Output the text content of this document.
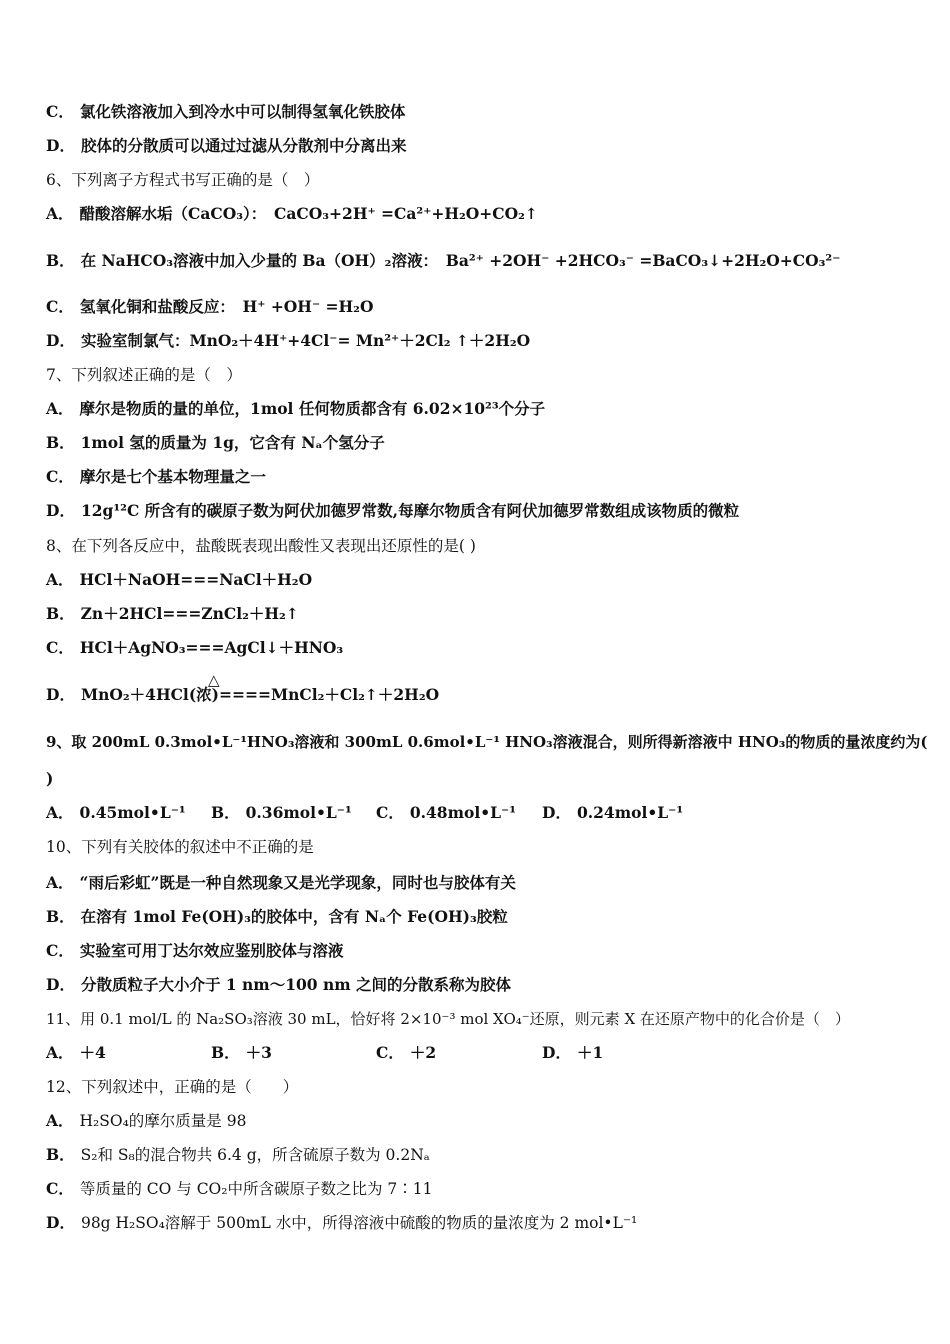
C． 氯化铁溶液加入到冷水中可以制得氢氧化铁胶体
D． 胶体的分散质可以通过过滤从分散剂中分离出来
6、下列离子方程式书写正确的是（　）
A． 醋酸溶解水垢（CaCO₃）：　CaCO₃+2H⁺ =Ca²⁺+H₂O+CO₂↑
B． 在 NaHCO₃溶液中加入少量的 Ba（OH）₂溶液：　Ba²⁺ +2OH⁻ +2HCO₃⁻ =BaCO₃↓+2H₂O+CO₃²⁻
C． 氢氧化铜和盐酸反应：　H⁺ +OH⁻ =H₂O
D． 实验室制氯气：MnO₂＋4H⁺+4Cl⁻= Mn²⁺＋2Cl₂ ↑＋2H₂O
7、下列叙述正确的是（　）
A． 摩尔是物质的量的单位，1mol 任何物质都含有 6.02×10²³个分子
B． 1mol 氢的质量为 1g，它含有 Nₐ个氢分子
C． 摩尔是七个基本物理量之一
D． 12g¹²C 所含有的碳原子数为阿伏加德罗常数,每摩尔物质含有阿伏加德罗常数组成该物质的微粒
8、在下列各反应中，盐酸既表现出酸性又表现出还原性的是( )
A． HCl＋NaOH===NaCl＋H₂O
B． Zn＋2HCl===ZnCl₂＋H₂↑
C． HCl＋AgNO₃===AgCl↓＋HNO₃
△
D． MnO₂＋4HCl(浓)====MnCl₂＋Cl₂↑＋2H₂O
9、取 200mL 0.3mol•L⁻¹HNO₃溶液和 300mL 0.6mol•L⁻¹ HNO₃溶液混合，则所得新溶液中 HNO₃的物质的量浓度约为(
)
A． 0.45mol•L⁻¹ B． 0.36mol•L⁻¹ C． 0.48mol•L⁻¹ D． 0.24mol•L⁻¹
10、下列有关胶体的叙述中不正确的是
A． “雨后彩虹”既是一种自然现象又是光学现象，同时也与胶体有关
B． 在溶有 1mol Fe(OH)₃的胶体中，含有 Nₐ个 Fe(OH)₃胶粒
C． 实验室可用丁达尔效应鉴别胶体与溶液
D． 分散质粒子大小介于 1 nm～100 nm 之间的分散系称为胶体
11、用 0.1 mol/L 的 Na₂SO₃溶液 30 mL，恰好将 2×10⁻³ mol XO₄⁻还原，则元素 X 在还原产物中的化合价是（　）
A． ＋4	B． ＋3	C． ＋2	D． ＋1
12、下列叙述中，正确的是（　　）
A． H₂SO₄的摩尔质量是 98
B． S₂和 S₈的混合物共 6.4 g，所含硫原子数为 0.2Nₐ
C． 等质量的 CO 与 CO₂中所含碳原子数之比为 7∶11
D． 98g H₂SO₄溶解于 500mL 水中，所得溶液中硫酸的物质的量浓度为 2 mol•L⁻¹
